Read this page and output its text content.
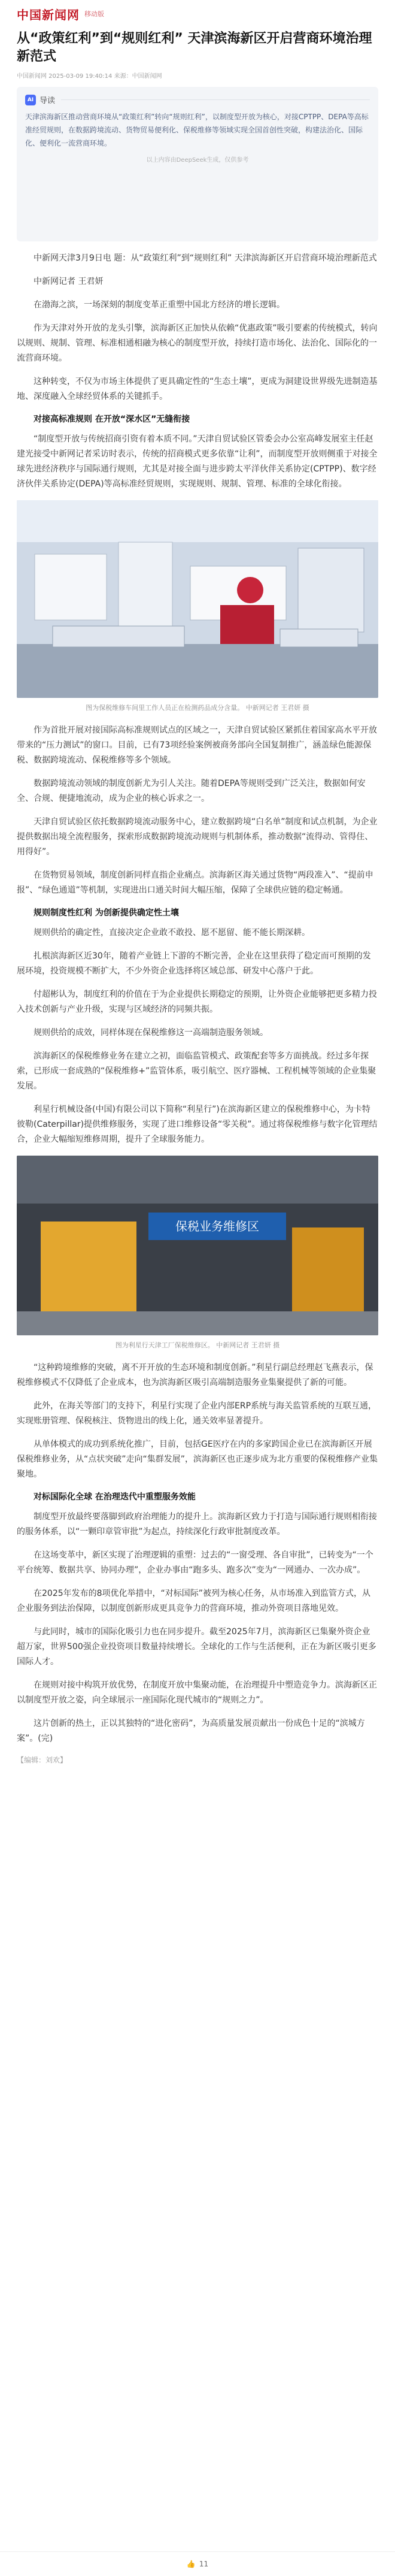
中国新闻网 移动版
从“政策红利”到“规则红利” 天津滨海新区开启营商环境治理新范式
中国新闻网 2025-03-09 19:40:14 来源：中国新闻网
AI 导读
天津滨海新区推动营商环境从“政策红利”转向“规则红利”，以制度型开放为核心，对接CPTPP、DEPA等高标准经贸规则，在数据跨境流动、货物贸易便利化、保税维修等领域实现全国首创性突破，构建法治化、国际化、便利化一流营商环境。
以上内容由DeepSeek生成，仅供参考

中新网天津3月9日电 题：从“政策红利”到“规则红利” 天津滨海新区开启营商环境治理新范式

中新网记者 王君妍

在渤海之滨，一场深刻的制度变革正重塑中国北方经济的增长逻辑。

作为天津对外开放的龙头引擎，滨海新区正加快从依赖“优惠政策”吸引要素的传统模式，转向以规则、规制、管理、标准相通相融为核心的制度型开放，持续打造市场化、法治化、国际化的一流营商环境。

这种转变，不仅为市场主体提供了更具确定性的“生态土壤”，更成为洞建设世界级先进制造基地、深度融入全球经贸体系的关键抓手。

对接高标准规则 在开放“深水区”无缝衔接

“制度型开放与传统招商引资有着本质不同。”天津自贸试验区管委会办公室高峰发展室主任赵建光接受中新网记者采访时表示，传统的招商模式更多依靠“让利”，而制度型开放则侧重于对接全球先进经济秩序与国际通行规则，尤其是对接全面与进步跨太平洋伙伴关系协定(CPTPP)、数字经济伙伴关系协定(DEPA)等高标准经贸规则，实现规则、规制、管理、标准的全球化衔接。

图为保税维修车间里工作人员正在检测药品成分含量。 中新网记者 王君妍 摄

作为首批开展对接国际高标准规则试点的区域之一，天津自贸试验区紧抓住着国家高水平开放带来的“压力测试”的窗口。目前，已有73项经验案例被商务部向全国复制推广，涵盖绿色能源保税、数据跨境流动、保税维修等多个领域。

数据跨境流动领域的制度创新尤为引人关注。随着DEPA等规则受到广泛关注，数据如何安全、合规、便捷地流动，成为企业的核心诉求之一。

天津自贸试验区依托数据跨境流动服务中心，建立数据跨境“白名单”制度和试点机制，为企业提供数据出境全流程服务，探索形成数据跨境流动规则与机制体系，推动数据“流得动、管得住、用得好”。

在货物贸易领域，制度创新同样直指企业痛点。滨海新区海关通过货物“两段准入”、“提前申报”、“绿色通道”等机制，实现进出口通关时间大幅压缩，保障了全球供应链的稳定畅通。

规则制度性红利 为创新提供确定性土壤

规则供给的确定性，直接决定企业敢不敢投、愿不愿留、能不能长期深耕。

扎根滨海新区近30年，随着产业链上下游的不断完善，企业在这里获得了稳定而可预期的发展环境，投资规模不断扩大，不少外资企业选择将区域总部、研发中心落户于此。

付超彬认为，制度红利的价值在于为企业提供长期稳定的预期，让外资企业能够把更多精力投入技术创新与产业升级，实现与区域经济的同频共振。

规则供给的成效，同样体现在保税维修这一高端制造服务领域。

滨海新区的保税维修业务在建立之初，面临监管模式、政策配套等多方面挑战。经过多年探索，已形成一套成熟的“保税维修+”监管体系，吸引航空、医疗器械、工程机械等领域的企业集聚发展。

利星行机械设备(中国)有限公司以下简称“利星行”)在滨海新区建立的保税维修中心，为卡特彼勒(Caterpillar)提供维修服务，实现了进口维修设备“零关税”。通过将保税维修与数字化管理结合，企业大幅缩短维修周期，提升了全球服务能力。

保税业务维修区
图为利星行天津工厂保税维修区。 中新网记者 王君妍 摄

“这种跨境维修的突破，离不开开放的生态环境和制度创新。”利星行副总经理赵飞燕表示，保税维修模式不仅降低了企业成本，也为滨海新区吸引高端制造服务业集聚提供了新的可能。

此外，在海关等部门的支持下，利星行实现了企业内部ERP系统与海关监管系统的互联互通，实现账册管理、保税核注、货物进出的线上化，通关效率显著提升。

从单体模式的成功到系统化推广，目前，包括GE医疗在内的多家跨国企业已在滨海新区开展保税维修业务，从“点状突破”走向“集群发展”，滨海新区也正逐步成为北方重要的保税维修产业集聚地。

对标国际化全球 在治理迭代中重塑服务效能

制度型开放最终要落脚到政府治理能力的提升上。滨海新区致力于打造与国际通行规则相衔接的服务体系，以“一颗印章管审批”为起点，持续深化行政审批制度改革。

在这场变革中，新区实现了治理逻辑的重塑：过去的“一窗受理、各自审批”，已转变为“一个平台统筹、数据共享、协同办理”，企业办事由“跑多头、跑多次”变为“一网通办、一次办成”。

在2025年发布的8项优化举措中，“对标国际”被列为核心任务，从市场准入到监管方式，从企业服务到法治保障，以制度创新形成更具竞争力的营商环境，推动外资项目落地见效。

与此同时，城市的国际化吸引力也在同步提升。截至2025年7月，滨海新区已集聚外资企业超万家，世界500强企业投资项目数量持续增长。全球化的工作与生活便利，正在为新区吸引更多国际人才。

在规则对接中构筑开放优势，在制度开放中集聚动能，在治理提升中塑造竞争力。滨海新区正以制度型开放之姿，向全球展示一座国际化现代城市的“规则之力”。

这片创新的热土，正以其独特的“进化密码”，为高质量发展贡献出一份成色十足的“滨城方案”。(完)

【编辑：刘欢】
👍 11
